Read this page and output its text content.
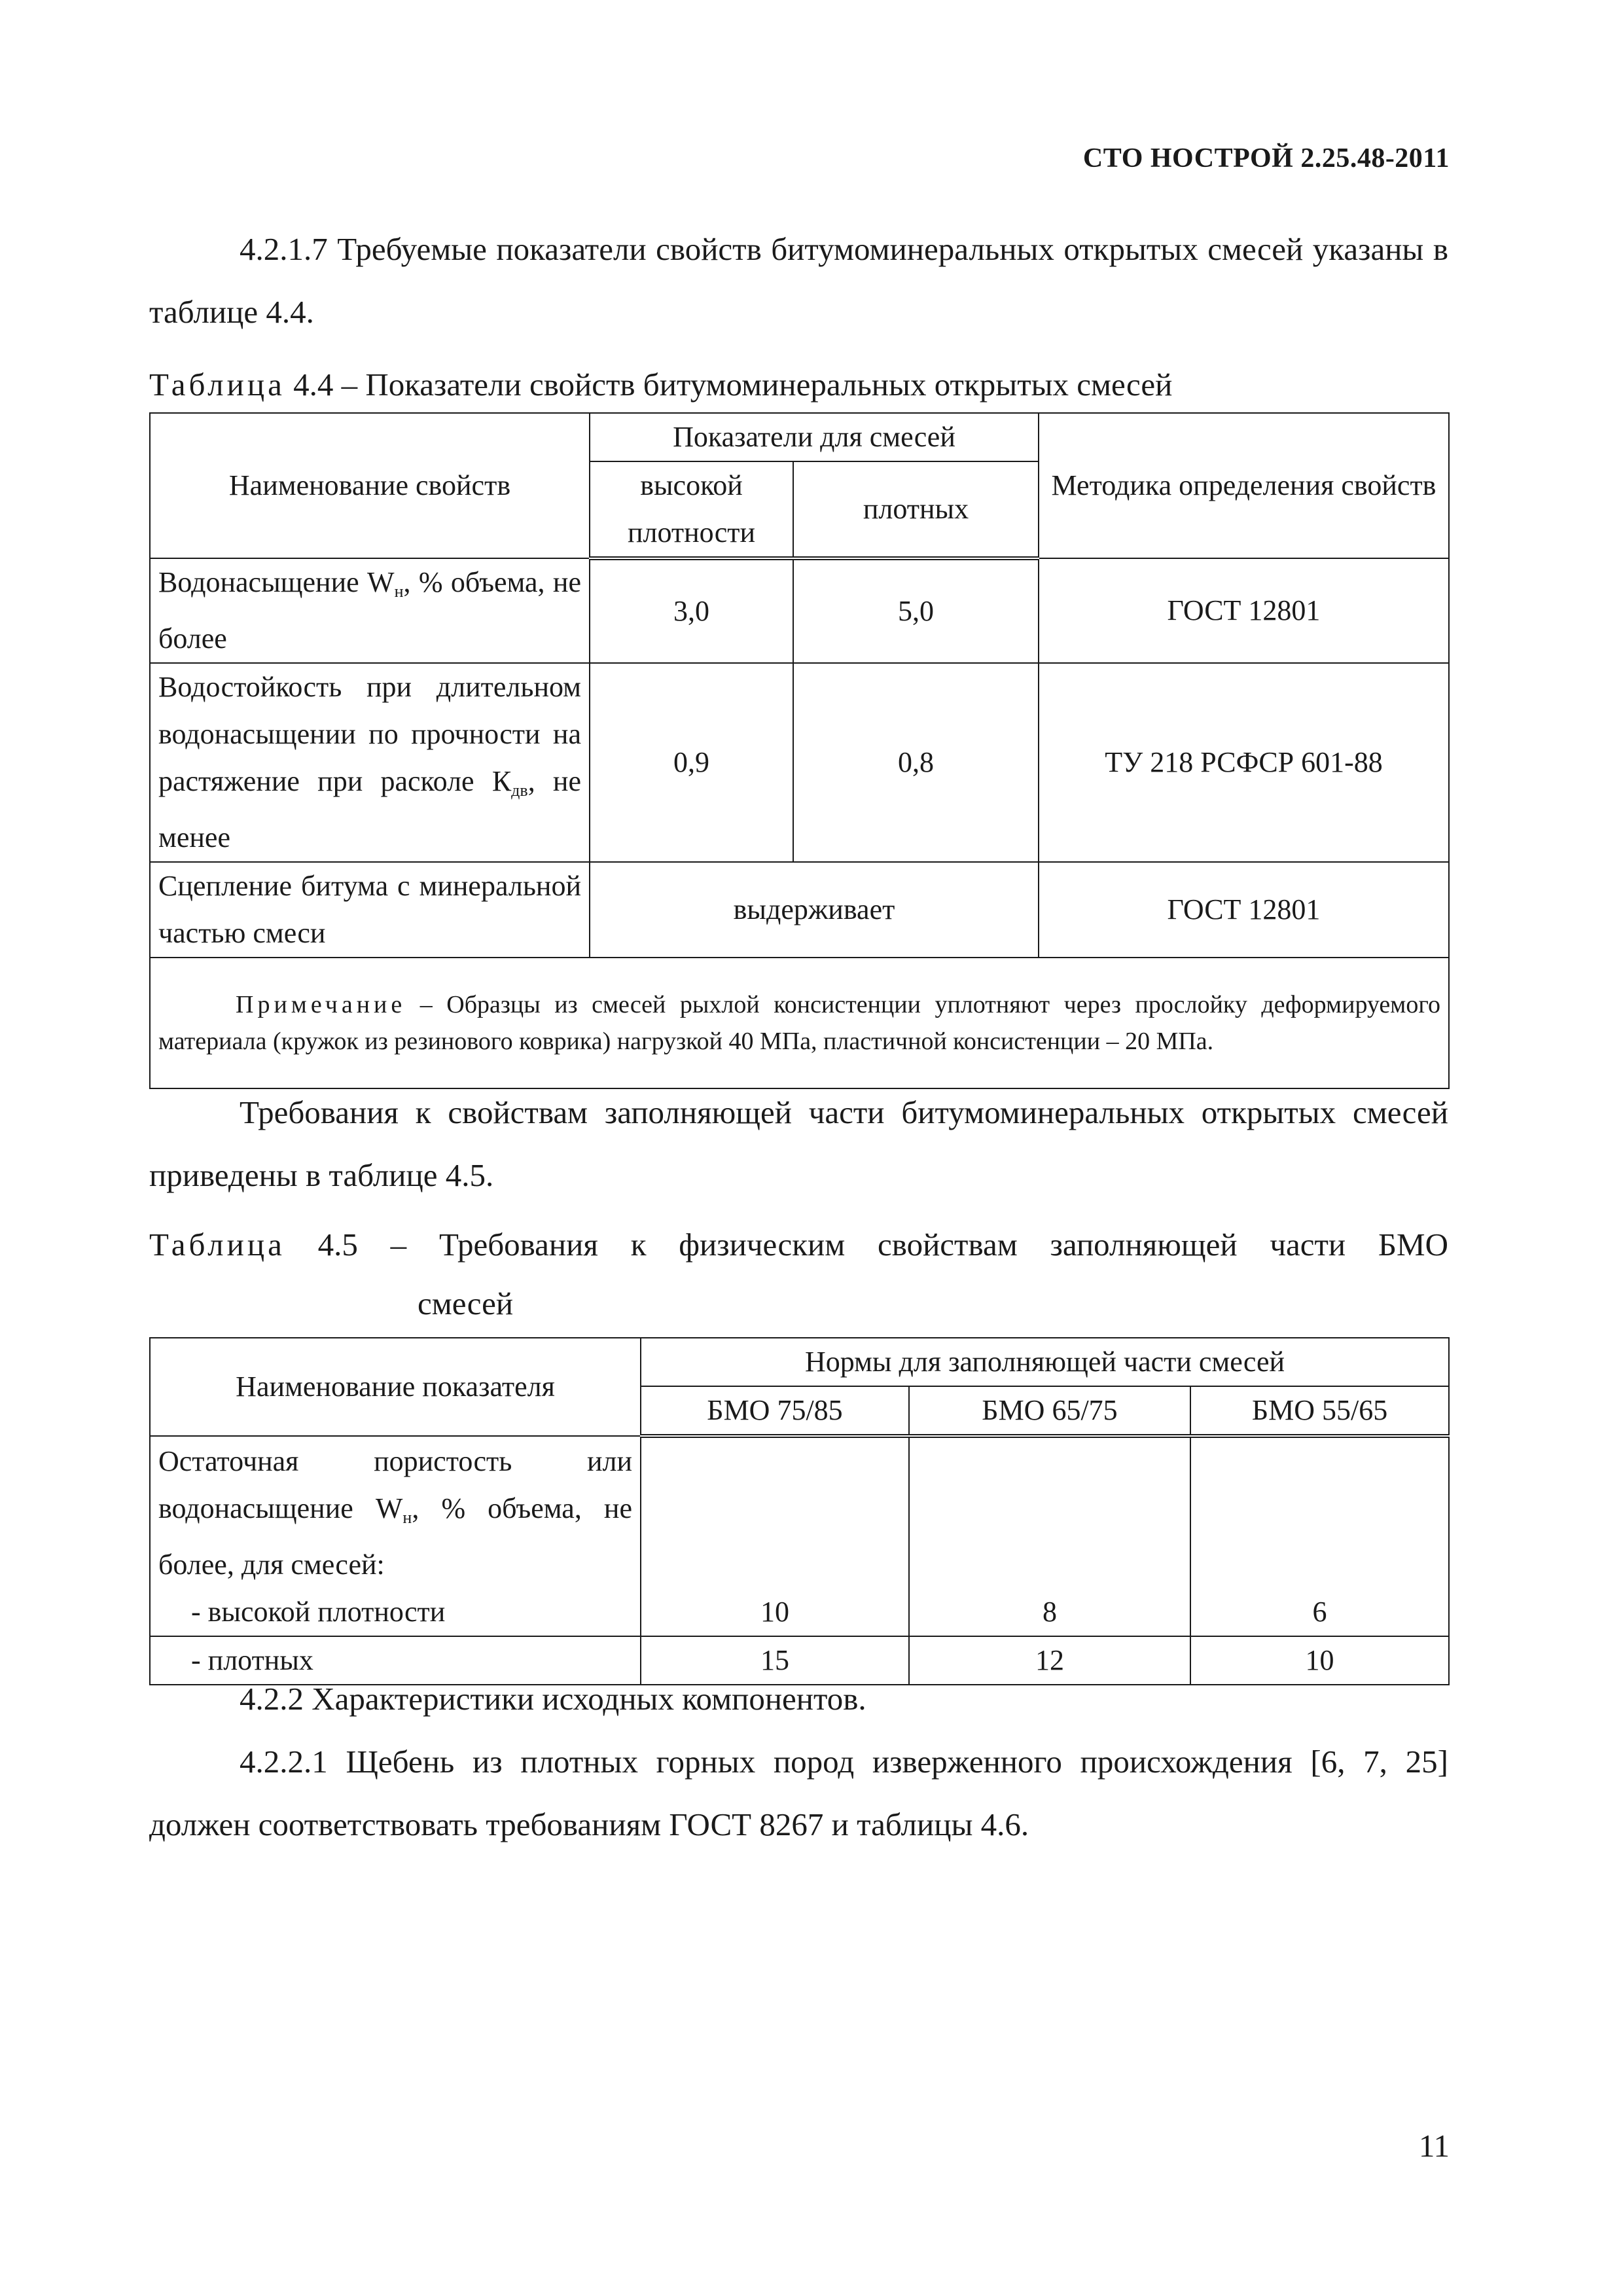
СТО НОСТРОЙ 2.25.48-2011

4.2.1.7 Требуемые показатели свойств битумоминеральных открытых смесей указаны в таблице 4.4.

Таблица 4.4 – Показатели свойств битумоминеральных открытых смесей

Наименование свойств	Показатели для смесей		Методика определения свойств
	высокой плотности	плотных	
Водонасыщение $W_н$, % объема, не более	3,0	5,0	ГОСТ 12801
Водостойкость при длительном водонасыщении по прочности на растяжение при расколе $К_{дв}$, не менее	0,9	0,8	ТУ 218 РСФСР 601-88
Сцепление битума с минеральной частью смеси	выдерживает		ГОСТ 12801
Примечание – Образцы из смесей рыхлой консистенции уплотняют через прослойку деформируемого материала (кружок из резинового коврика) нагрузкой 40 МПа, пластичной консистенции – 20 МПа.			

Требования к свойствам заполняющей части битумоминеральных открытых смесей приведены в таблице 4.5.

Таблица 4.5 – Требования к физическим свойствам заполняющей части БМО

смесей

Наименование показателя	Нормы для заполняющей части смесей		
	БМО 75/85	БМО 65/75	БМО 55/65
Остаточная пористость или водонасыщение $W_н$, % объема, не более, для смесей:
- высокой плотности	10	8	6
- плотных	15	12	10

4.2.2 Характеристики исходных компонентов.

4.2.2.1 Щебень из плотных горных пород изверженного происхождения [6, 7, 25] должен соответствовать требованиям ГОСТ 8267 и таблицы 4.6.

11
